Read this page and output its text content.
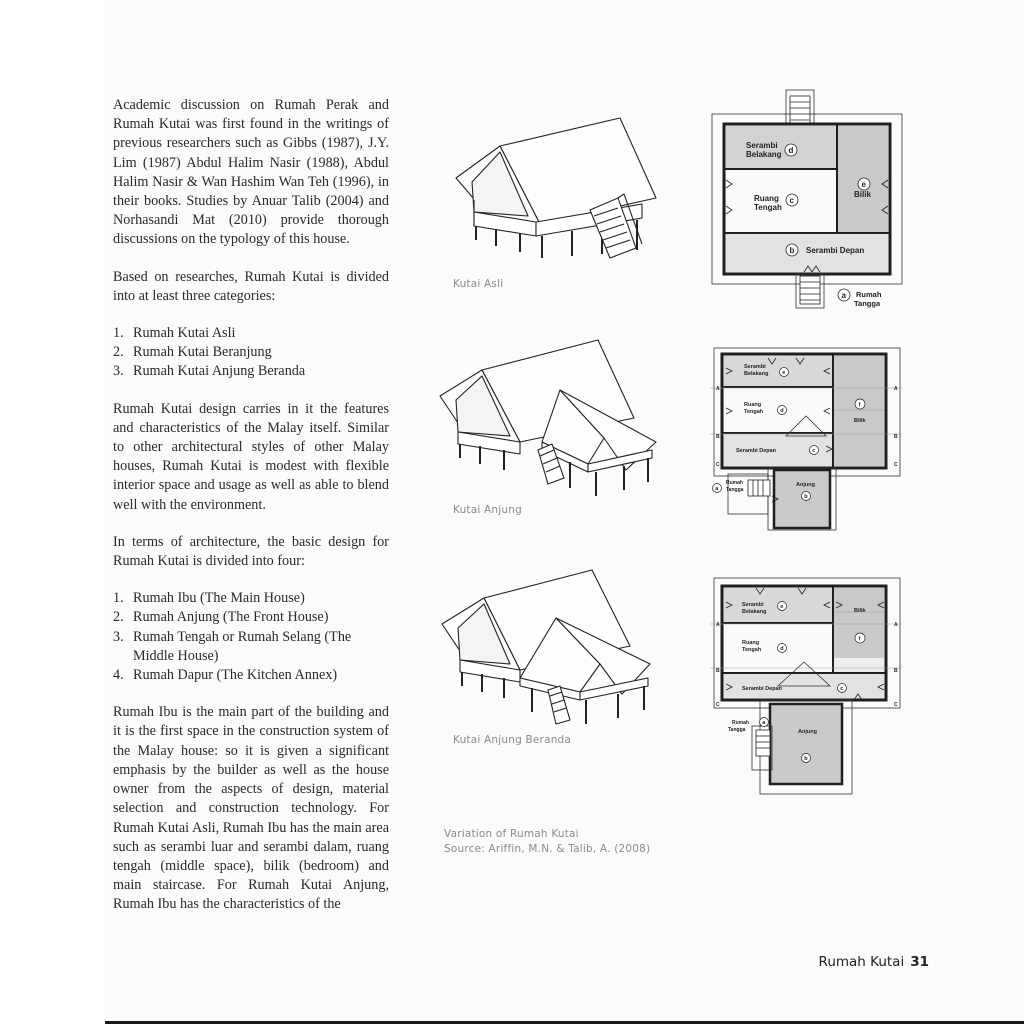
Academic discussion on Rumah Perak and Rumah Kutai was first found in the writings of previous researchers such as Gibbs (1987), J.Y. Lim (1987) Abdul Halim Nasir (1988), Abdul Halim Nasir & Wan Hashim Wan Teh (1996), in their books. Studies by Anuar Talib (2004) and Norhasandi Mat (2010) provide thorough discussions on the typology of this house.

Based on researches, Rumah Kutai is divided into at least three categories:

1. Rumah Kutai Asli
2. Rumah Kutai Beranjung
3. Rumah Kutai Anjung Beranda

Rumah Kutai design carries in it the features and characteristics of the Malay itself. Similar to other architectural styles of other Malay houses, Rumah Kutai is modest with flexible interior space and usage as well as able to blend well with the environment.

In terms of architecture, the basic design for Rumah Kutai is divided into four:

1. Rumah Ibu (The Main House)
2. Rumah Anjung (The Front House)
3. Rumah Tengah or Rumah Selang (The Middle House)
4. Rumah Dapur (The Kitchen Annex)

Rumah Ibu is the main part of the building and it is the first space in the construction system of the Malay house: so it is given a significant emphasis by the builder as well as the house owner from the aspects of design, material selection and construction technology. For Rumah Kutai Asli, Rumah Ibu has the main area such as serambi luar and serambi dalam, ruang tengah (middle space), bilik (bedroom) and main staircase. For Rumah Kutai Anjung, Rumah Ibu has the characteristics of the

Kutai Asli
Kutai Anjung
Kutai Anjung Beranda
Variation of Rumah Kutai
Source: Ariffin, M.N. & Talib, A. (2008)
Serambi
Belakang d
Ruang
Tengah
c
e
Bilik
b Serambi Depan
a Rumah
Tangga
A	A
B	B
C	C
Serambi
Belakang	e
Ruang
Tengah	d
f
Bilik
Serambi Depan	c
a
Rumah
Tangga
Anjung
b
A	A
B	B
C	C
Serambi
Belakang
e
Bilik
f
Ruang
Tengah	d
Serambi Depan	c
Rumah
Tangga
a
Anjung
b
Rumah Kutai 31
